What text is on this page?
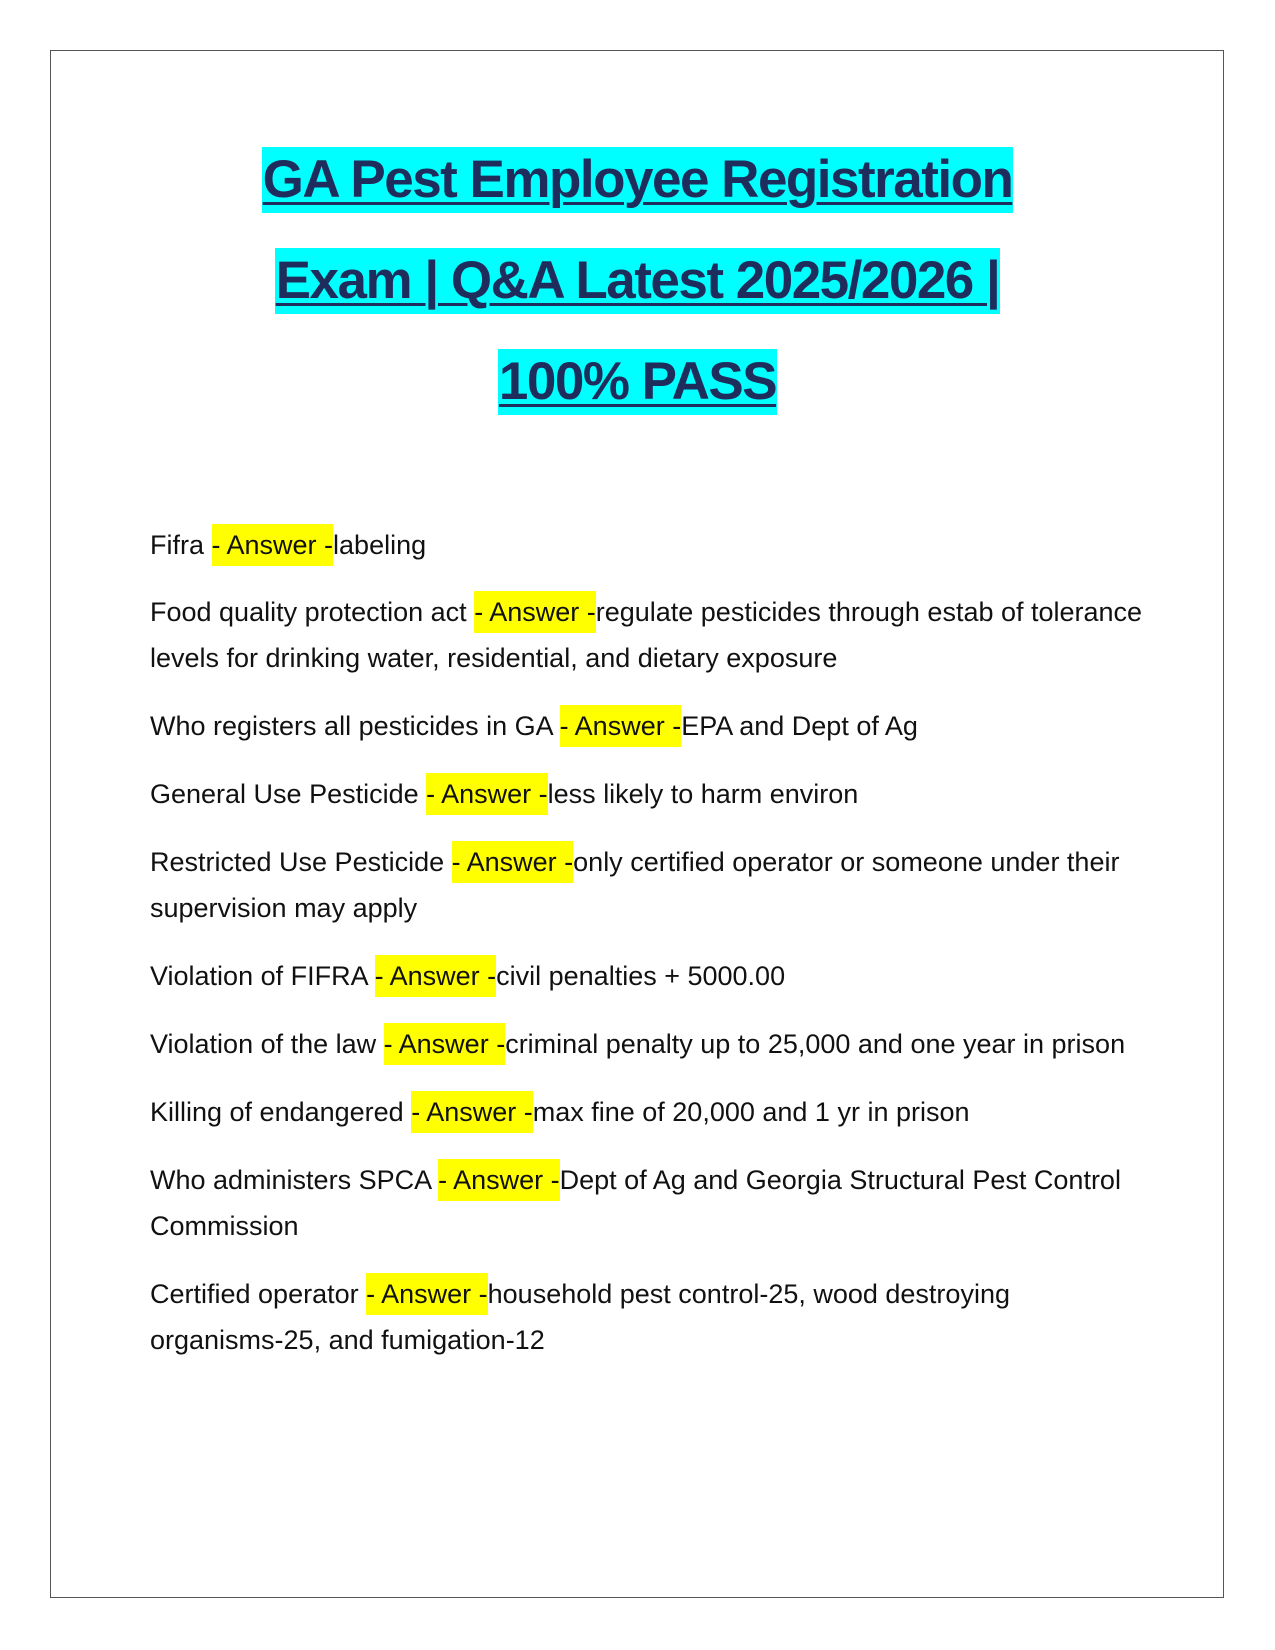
GA Pest Employee Registration
Exam | Q&A Latest 2025/2026 |
100% PASS

Fifra - Answer -labeling

Food quality protection act - Answer -regulate pesticides through estab of tolerance levels for drinking water, residential, and dietary exposure

Who registers all pesticides in GA - Answer -EPA and Dept of Ag

General Use Pesticide - Answer -less likely to harm environ

Restricted Use Pesticide - Answer -only certified operator or someone under their supervision may apply

Violation of FIFRA - Answer -civil penalties + 5000.00

Violation of the law - Answer -criminal penalty up to 25,000 and one year in prison

Killing of endangered - Answer -max fine of 20,000 and 1 yr in prison

Who administers SPCA - Answer -Dept of Ag and Georgia Structural Pest Control Commission

Certified operator - Answer -household pest control-25, wood destroying organisms-25, and fumigation-12
